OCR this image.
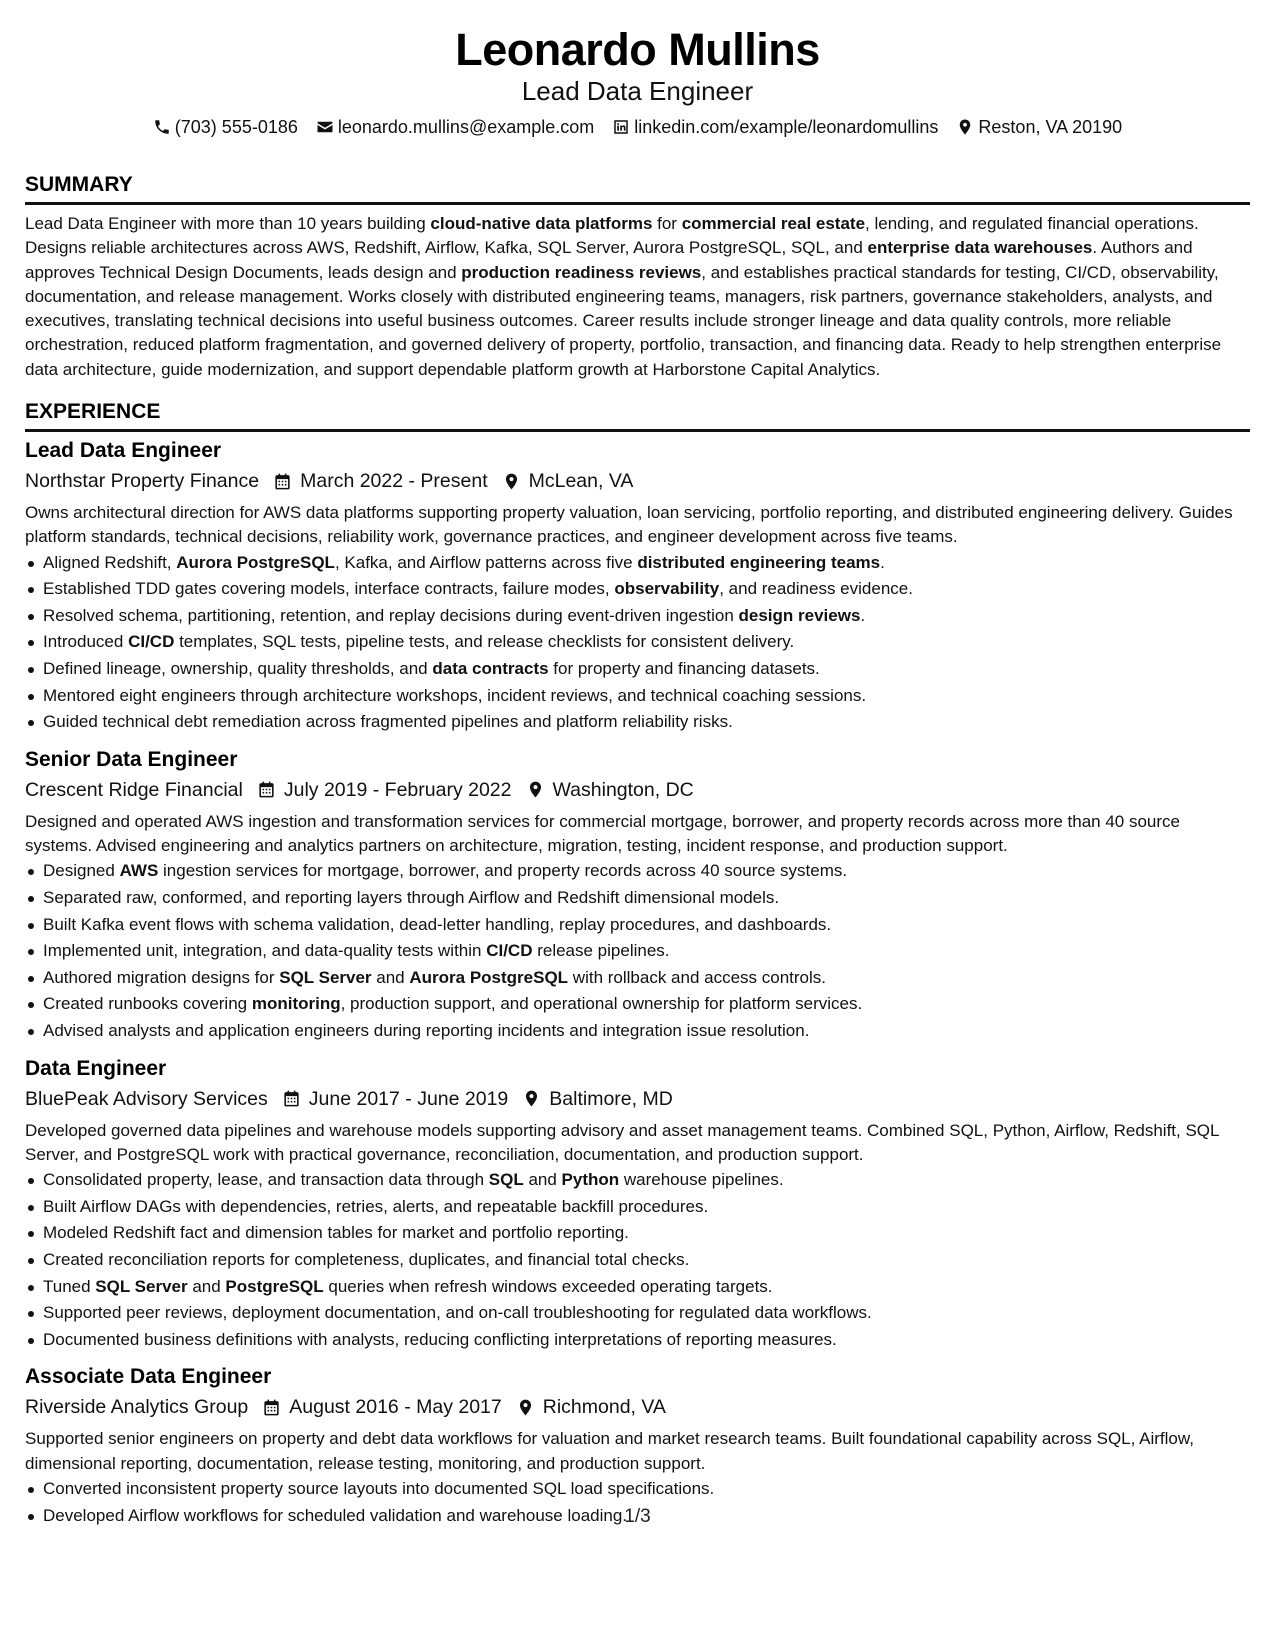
Leonardo Mullins
Lead Data Engineer
(703) 555-0186 leonardo.mullins@example.com linkedin.com/example/leonardomullins Reston, VA 20190
SUMMARY

Lead Data Engineer with more than 10 years building cloud-native data platforms for commercial real estate, lending, and regulated financial operations. Designs reliable architectures across AWS, Redshift, Airflow, Kafka, SQL Server, Aurora PostgreSQL, SQL, and enterprise data warehouses. Authors and approves Technical Design Documents, leads design and production readiness reviews, and establishes practical standards for testing, CI/CD, observability, documentation, and release management. Works closely with distributed engineering teams, managers, risk partners, governance stakeholders, analysts, and executives, translating technical decisions into useful business outcomes. Career results include stronger lineage and data quality controls, more reliable orchestration, reduced platform fragmentation, and governed delivery of property, portfolio, transaction, and financing data. Ready to help strengthen enterprise data architecture, guide modernization, and support dependable platform growth at Harborstone Capital Analytics.

EXPERIENCE
Lead Data Engineer
Northstar Property Finance March 2022 - Present McLean, VA

Owns architectural direction for AWS data platforms supporting property valuation, loan servicing, portfolio reporting, and distributed engineering delivery. Guides platform standards, technical decisions, reliability work, governance practices, and engineer development across five teams.

Aligned Redshift, Aurora PostgreSQL, Kafka, and Airflow patterns across five distributed engineering teams.
Established TDD gates covering models, interface contracts, failure modes, observability, and readiness evidence.
Resolved schema, partitioning, retention, and replay decisions during event-driven ingestion design reviews.
Introduced CI/CD templates, SQL tests, pipeline tests, and release checklists for consistent delivery.
Defined lineage, ownership, quality thresholds, and data contracts for property and financing datasets.
Mentored eight engineers through architecture workshops, incident reviews, and technical coaching sessions.
Guided technical debt remediation across fragmented pipelines and platform reliability risks.
Senior Data Engineer
Crescent Ridge Financial July 2019 - February 2022 Washington, DC

Designed and operated AWS ingestion and transformation services for commercial mortgage, borrower, and property records across more than 40 source systems. Advised engineering and analytics partners on architecture, migration, testing, incident response, and production support.

Designed AWS ingestion services for mortgage, borrower, and property records across 40 source systems.
Separated raw, conformed, and reporting layers through Airflow and Redshift dimensional models.
Built Kafka event flows with schema validation, dead-letter handling, replay procedures, and dashboards.
Implemented unit, integration, and data-quality tests within CI/CD release pipelines.
Authored migration designs for SQL Server and Aurora PostgreSQL with rollback and access controls.
Created runbooks covering monitoring, production support, and operational ownership for platform services.
Advised analysts and application engineers during reporting incidents and integration issue resolution.
Data Engineer
BluePeak Advisory Services June 2017 - June 2019 Baltimore, MD

Developed governed data pipelines and warehouse models supporting advisory and asset management teams. Combined SQL, Python, Airflow, Redshift, SQL Server, and PostgreSQL work with practical governance, reconciliation, documentation, and production support.

Consolidated property, lease, and transaction data through SQL and Python warehouse pipelines.
Built Airflow DAGs with dependencies, retries, alerts, and repeatable backfill procedures.
Modeled Redshift fact and dimension tables for market and portfolio reporting.
Created reconciliation reports for completeness, duplicates, and financial total checks.
Tuned SQL Server and PostgreSQL queries when refresh windows exceeded operating targets.
Supported peer reviews, deployment documentation, and on-call troubleshooting for regulated data workflows.
Documented business definitions with analysts, reducing conflicting interpretations of reporting measures.
Associate Data Engineer
Riverside Analytics Group August 2016 - May 2017 Richmond, VA

Supported senior engineers on property and debt data workflows for valuation and market research teams. Built foundational capability across SQL, Airflow, dimensional reporting, documentation, release testing, monitoring, and production support.

Converted inconsistent property source layouts into documented SQL load specifications.
Developed Airflow workflows for scheduled validation and warehouse loading.
1/3
